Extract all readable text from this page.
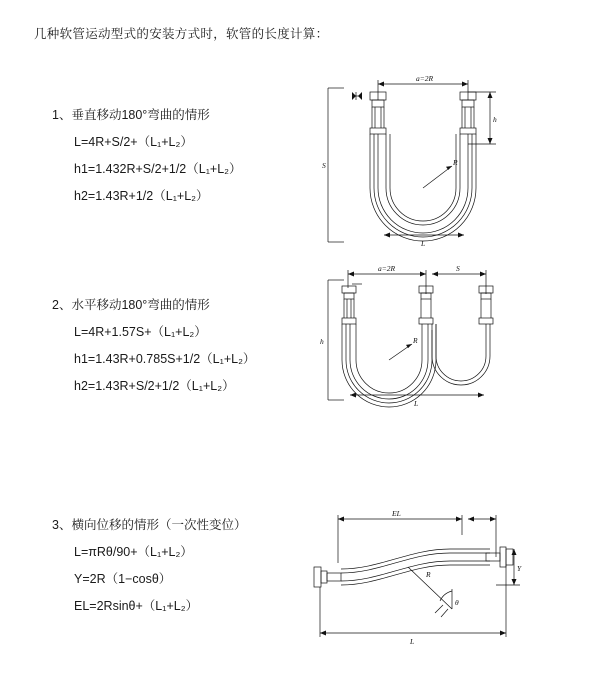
几种软管运动型式的安装方式时，软管的长度计算：
1、垂直移动180°弯曲的情形
L=4R+S/2+（L₁+L₂）
h1=1.432R+S/2+1/2（L₁+L₂）
h2=1.43R+1/2（L₁+L₂）
a=2R
h
R
L
S
2、水平移动180°弯曲的情形
L=4R+1.57S+（L₁+L₂）
h1=1.43R+0.785S+1/2（L₁+L₂）
h2=1.43R+S/2+1/2（L₁+L₂）
a=2R	S
h	R
L
3、横向位移的情形（一次性变位）
L=πRθ/90+（L₁+L₂）
Y=2R（1−cosθ）
EL=2Rsinθ+（L₁+L₂）
EL
Y
L
R
θ
